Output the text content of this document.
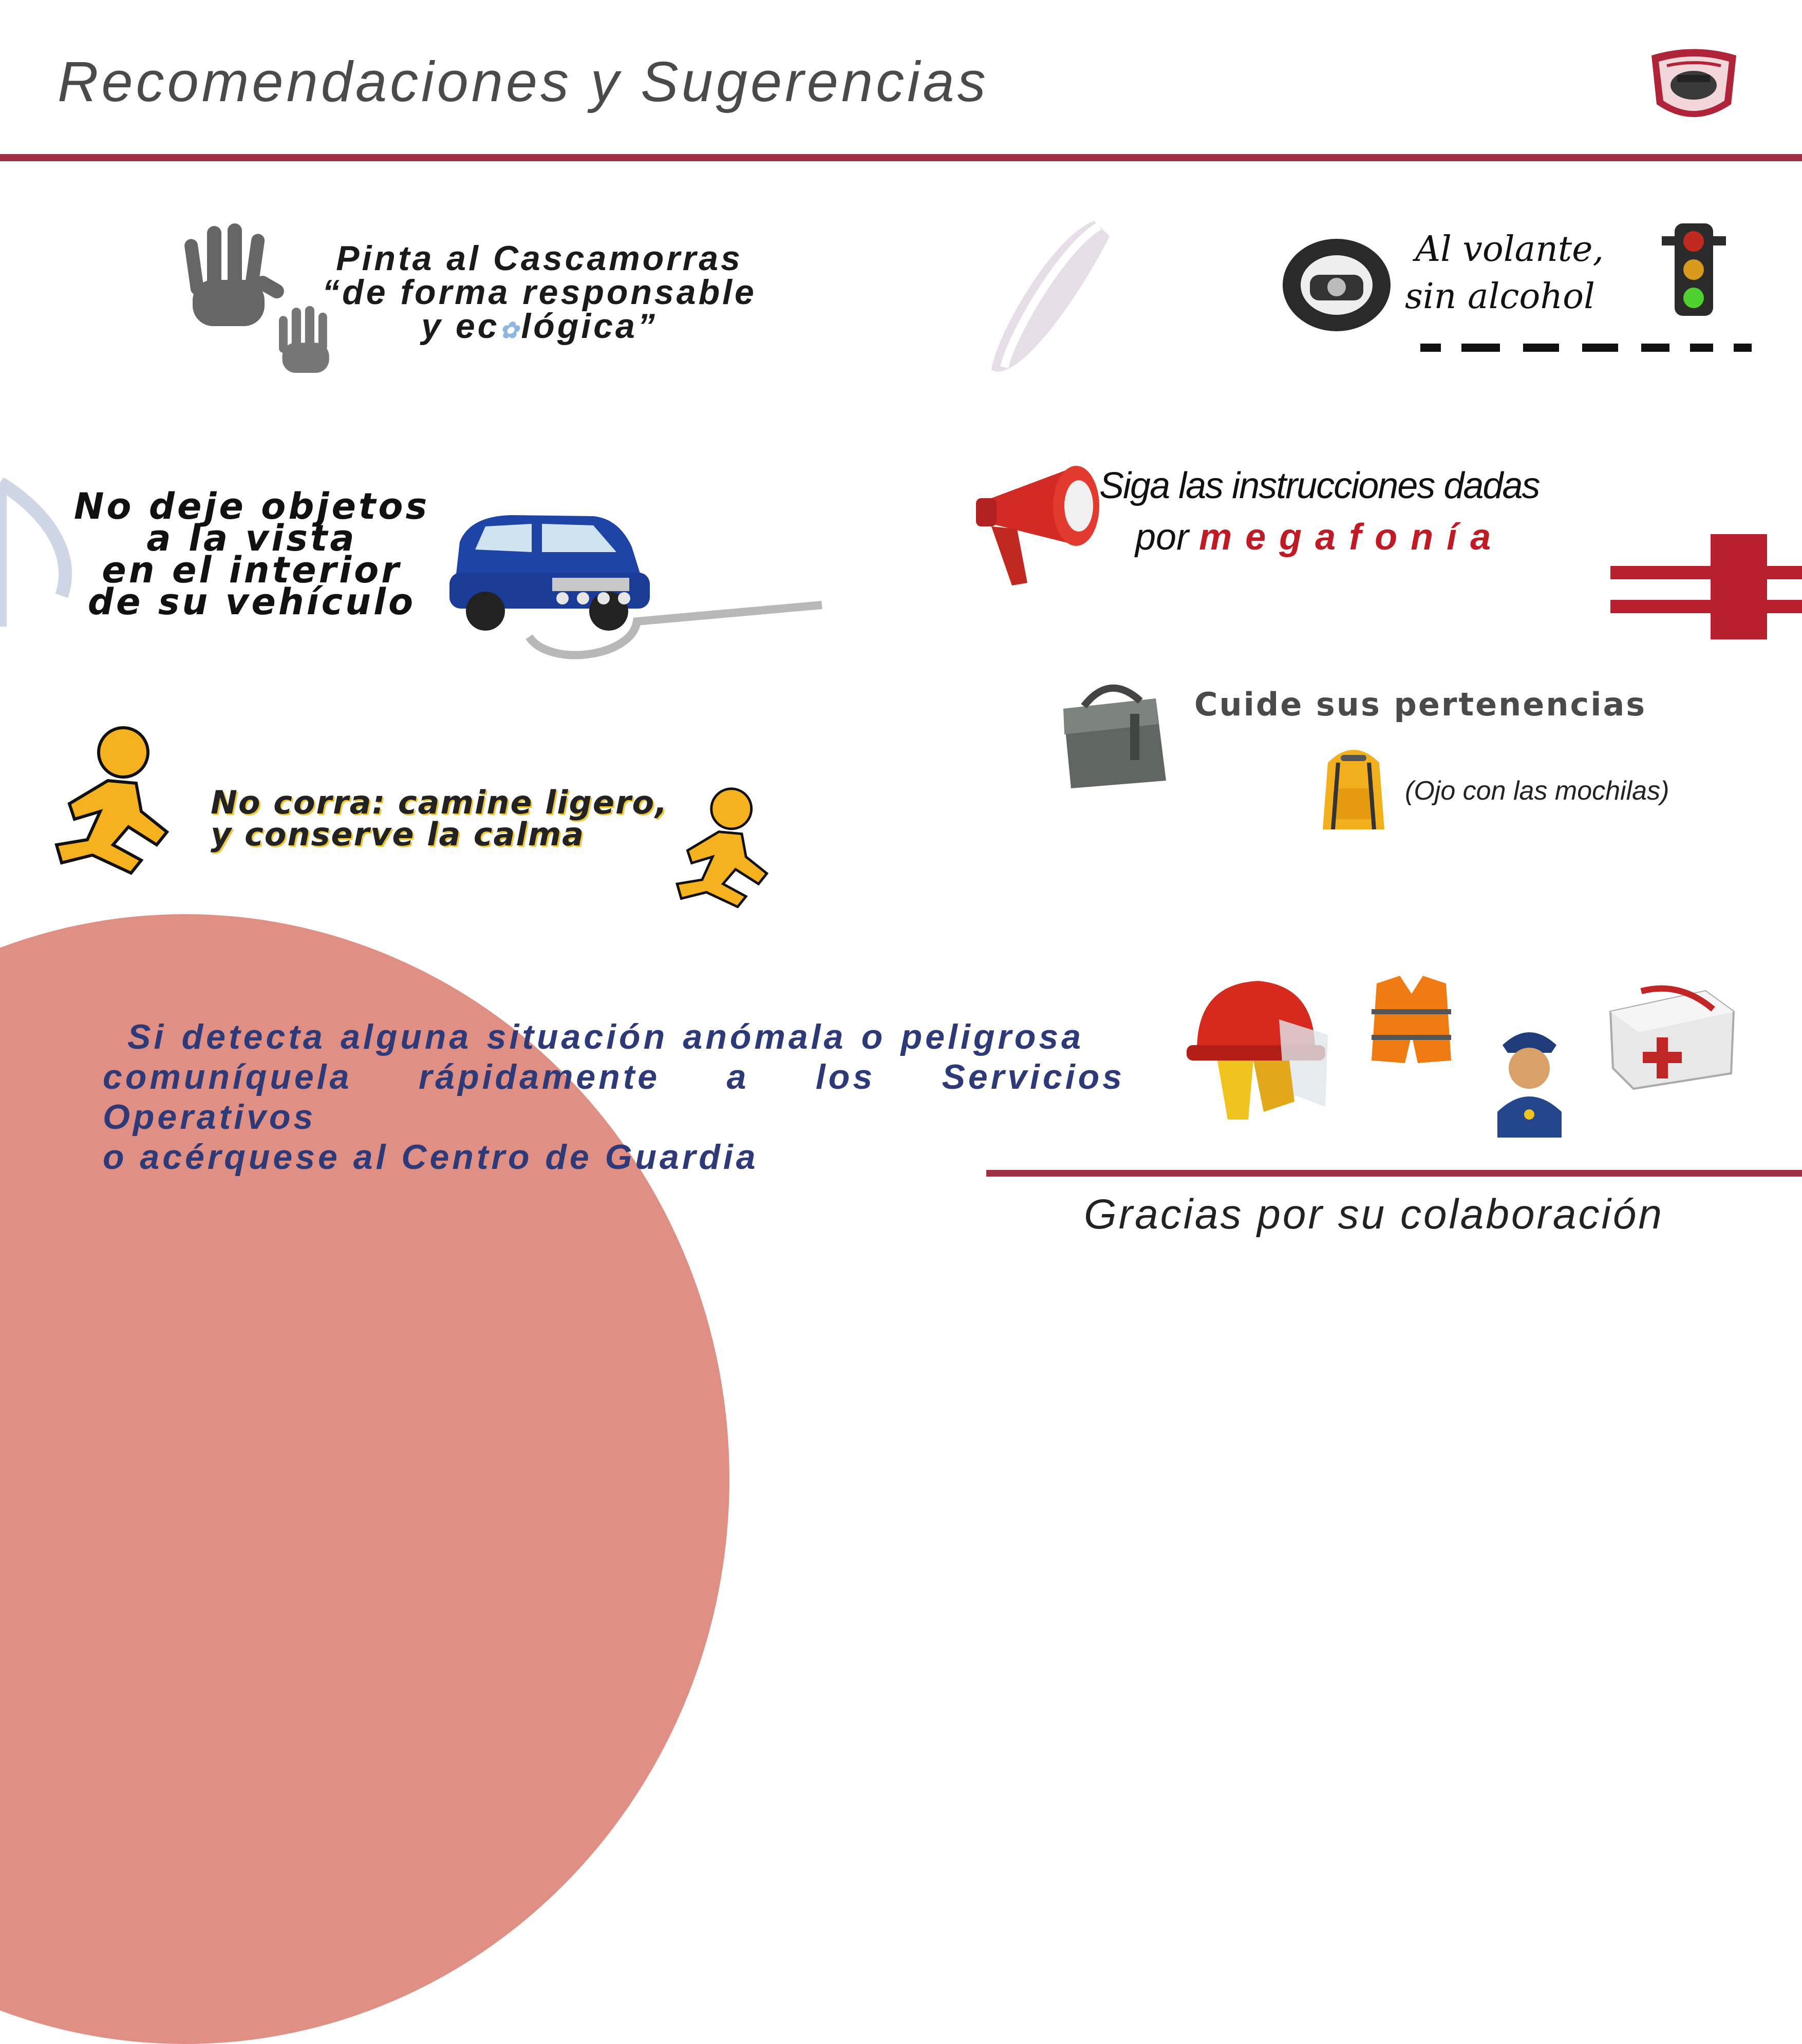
Recomendaciones y Sugerencias
Pinta al Cascamorras
“de forma responsable
y ec✿lógica”
Al volante,
sin alcohol
No deje objetos
a la vista
en el interior
de su vehículo
Siga las instrucciones dadas
por megafonía
Cuide sus pertenencias
(Ojo con las mochilas)
No corra: camine ligero,
y conserve la calma
Si detecta alguna situación anómala o peligrosa
comuníquela rápidamente a los Servicios Operativos
o acérquese al Centro de Guardia
Gracias por su colaboración
